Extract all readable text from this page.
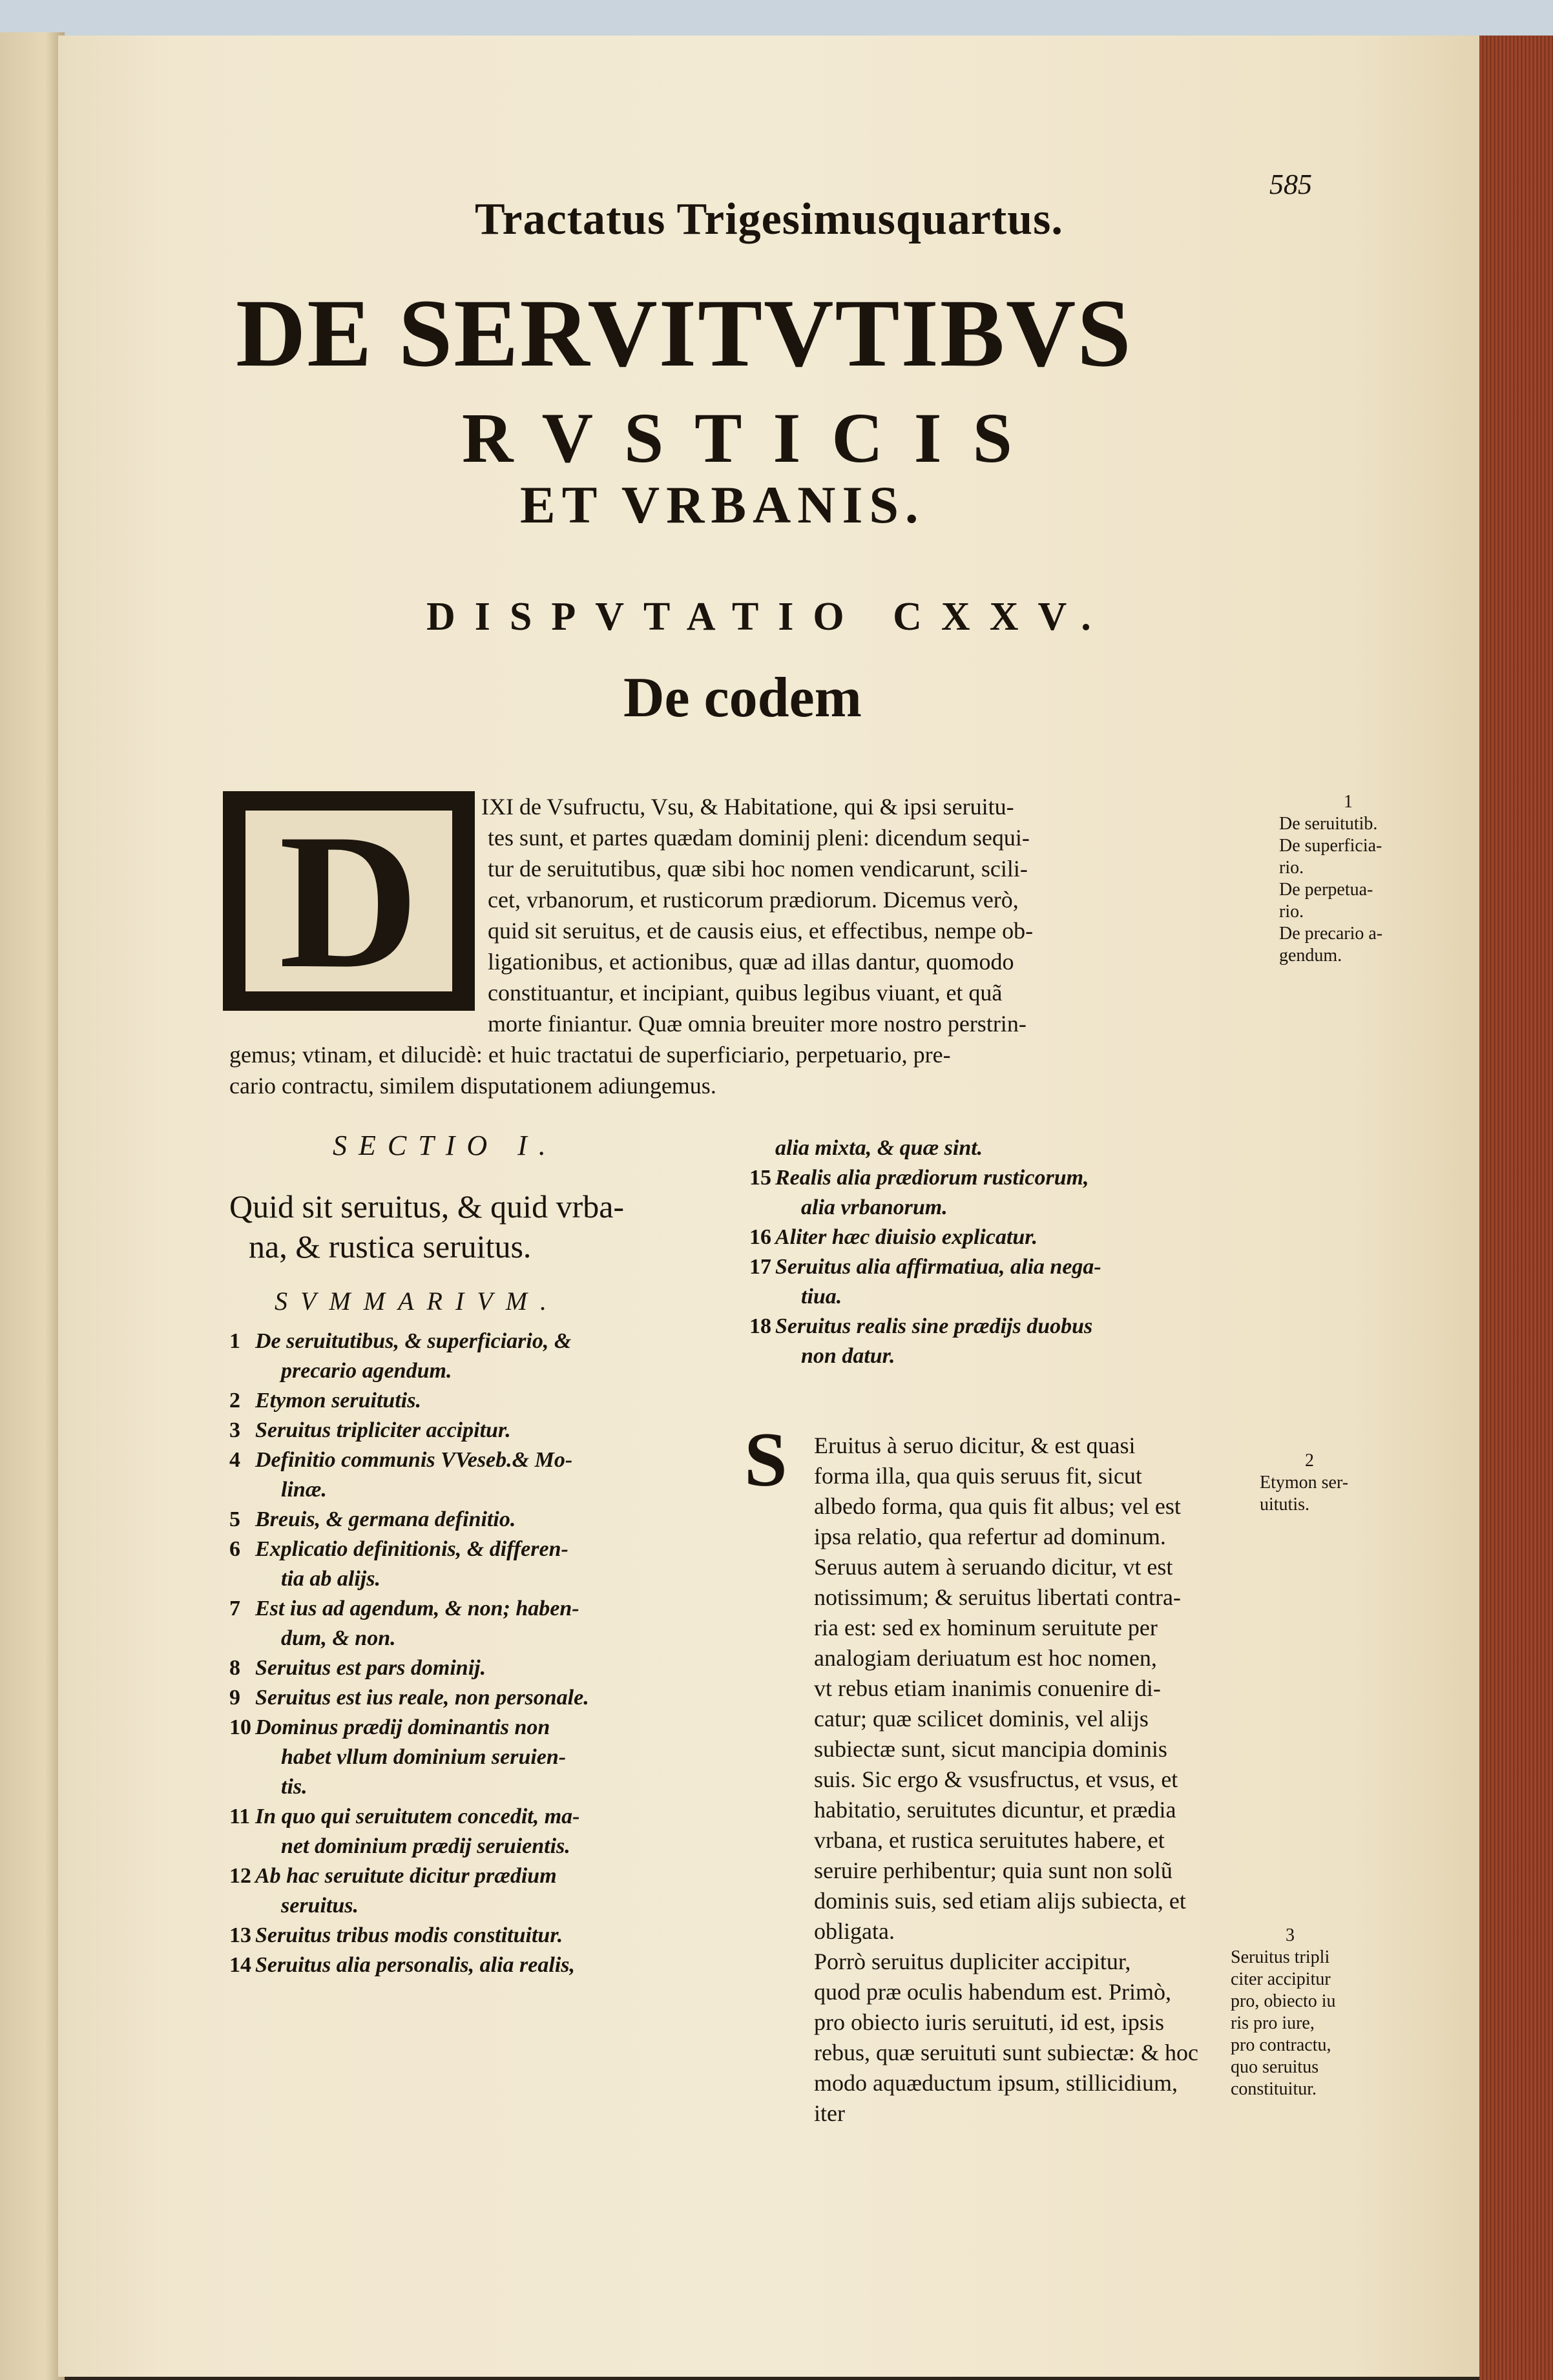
585
Tractatus Trigesimusquartus.
DE SERVITVTIBVS
RVSTICIS
ET VRBANIS.
DISPVTATIO CXXV.
De codem
D	IXI de Vsufructu, Vsu, & Habitatione, qui & ipsi seruitu-
tes sunt, et partes quædam dominij pleni: dicendum sequi-
tur de seruitutibus, quæ sibi hoc nomen vendicarunt, scili-
cet, vrbanorum, et rusticorum prædiorum. Dicemus verò,
quid sit seruitus, et de causis eius, et effectibus, nempe ob-
ligationibus, et actionibus, quæ ad illas dantur, quomodo
constituantur, et incipiant, quibus legibus viuant, et quã
morte finiantur. Quæ omnia breuiter more nostro perstrin-
gemus; vtinam, et dilucidè: et huic tractatui de superficiario, perpetuario, pre-
cario contractu, similem disputationem adiungemus.

SECTIO I.

Quid sit seruitus, & quid vrba-

na, & rustica seruitus.

SVMMARIVM.

1 De seruitutibus, & superficiario, &

precario agendum.

2 Etymon seruitutis.

3 Seruitus tripliciter accipitur.

4 Definitio communis VVeseb.& Mo-

linæ.

5 Breuis, & germana definitio.

6 Explicatio definitionis, & differen-

tia ab alijs.

7 Est ius ad agendum, & non; haben-

dum, & non.

8 Seruitus est pars dominij.

9 Seruitus est ius reale, non personale.

10 Dominus prædij dominantis non

habet vllum dominium seruien-

tis.

11 In quo qui seruitutem concedit, ma-

net dominium prædij seruientis.

12 Ab hac seruitute dicitur prædium

seruitus.

13 Seruitus tribus modis constituitur.

14 Seruitus alia personalis, alia realis,

alia mixta, & quæ sint.

15 Realis alia prædiorum rusticorum,

alia vrbanorum.

16 Aliter hæc diuisio explicatur.

17 Seruitus alia affirmatiua, alia nega-

tiua.

18 Seruitus realis sine prædijs duobus

non datur.

S Eruitus à seruo dicitur, & est quasi

forma illa, qua quis seruus fit, sicut

albedo forma, qua quis fit albus; vel est

ipsa relatio, qua refertur ad dominum.

Seruus autem à seruando dicitur, vt est

notissimum; & seruitus libertati contra-

ria est: sed ex hominum seruitute per

analogiam deriuatum est hoc nomen,

vt rebus etiam inanimis conuenire di-

catur; quæ scilicet dominis, vel alijs

subiectæ sunt, sicut mancipia dominis

suis. Sic ergo & vsusfructus, et vsus, et

habitatio, seruitutes dicuntur, et prædia

vrbana, et rustica seruitutes habere, et

seruire perhibentur; quia sunt non solũ

dominis suis, sed etiam alijs subiecta, et

obligata.

Porrò seruitus dupliciter accipitur,

quod præ oculis habendum est. Primò,

pro obiecto iuris seruituti, id est, ipsis

rebus, quæ seruituti sunt subiectæ: & hoc

modo aquæductum ipsum, stillicidium,

iter

1

De seruitutib.

De superficia-

rio.

De perpetua-

rio.

De precario a-

gendum.

2

Etymon ser-

uitutis.

3

Seruitus tripli

citer accipitur

pro, obiecto iu

ris pro iure,

pro contractu,

quo seruitus

constituitur.
